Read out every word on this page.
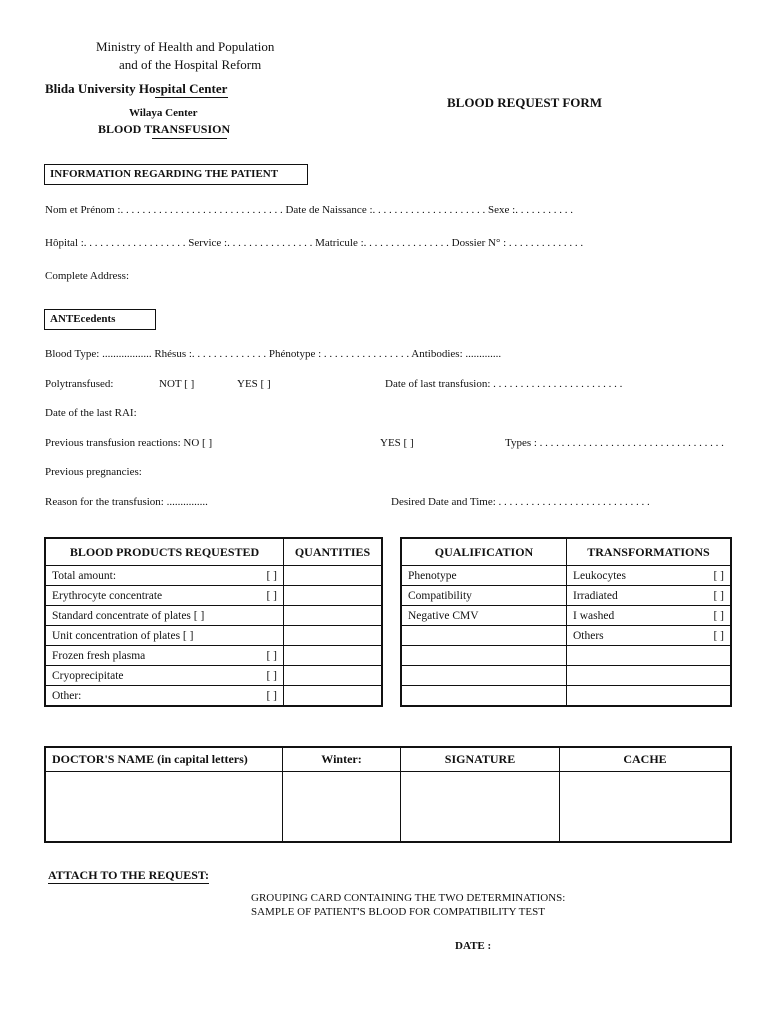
Ministry of Health and Population
and of the Hospital Reform
Blida University Hospital Center
Wilaya Center
BLOOD TRANSFUSION
BLOOD REQUEST FORM
INFORMATION REGARDING THE PATIENT
Nom et Prénom :. . . . . . . . . . . . . . . . . . . . . . . . . . . . . . Date de Naissance :. . . . . . . . . . . . . . . . . . . . . Sexe :. . . . . . . . . . .
Hôpital :. . . . . . . . . . . . . . . . . . . Service :. . . . . . . . . . . . . . . . Matricule :. . . . . . . . . . . . . . . . Dossier N° : . . . . . . . . . . . . . .
Complete Address:
ANTEcedents
Blood Type: .................. Rhésus :. . . . . . . . . . . . . . Phénotype : . . . . . . . . . . . . . . . . Antibodies: .............
Polytransfused:	NOT [ ]	YES [ ]	Date of last transfusion: . . . . . . . . . . . . . . . . . . . . . . . .
Date of the last RAI:
Previous transfusion reactions: NO [ ]	YES [ ]	Types : . . . . . . . . . . . . . . . . . . . . . . . . . . . . . . . . . .
Previous pregnancies:
Reason for the transfusion: ...............	Desired Date and Time: . . . . . . . . . . . . . . . . . . . . . . . . . . . .
BLOOD PRODUCTS REQUESTED	QUANTITIES

Total amount: [ ]	

Erythrocyte concentrate [ ]	

Standard concentrate of plates [ ]	

Unit concentration of plates [ ]	

Frozen fresh plasma [ ]	

Cryoprecipitate [ ]	

Other: [ ]	

QUALIFICATION	TRANSFORMATIONS
Phenotype	Leukocytes [ ]

Compatibility	Irradiated [ ]

Negative CMV	I washed [ ]

	Others [ ]

DOCTOR'S NAME (in capital letters)	Winter:	SIGNATURE	CACHE

ATTACH TO THE REQUEST:
GROUPING CARD CONTAINING THE TWO DETERMINATIONS:
SAMPLE OF PATIENT'S BLOOD FOR COMPATIBILITY TEST
DATE :
